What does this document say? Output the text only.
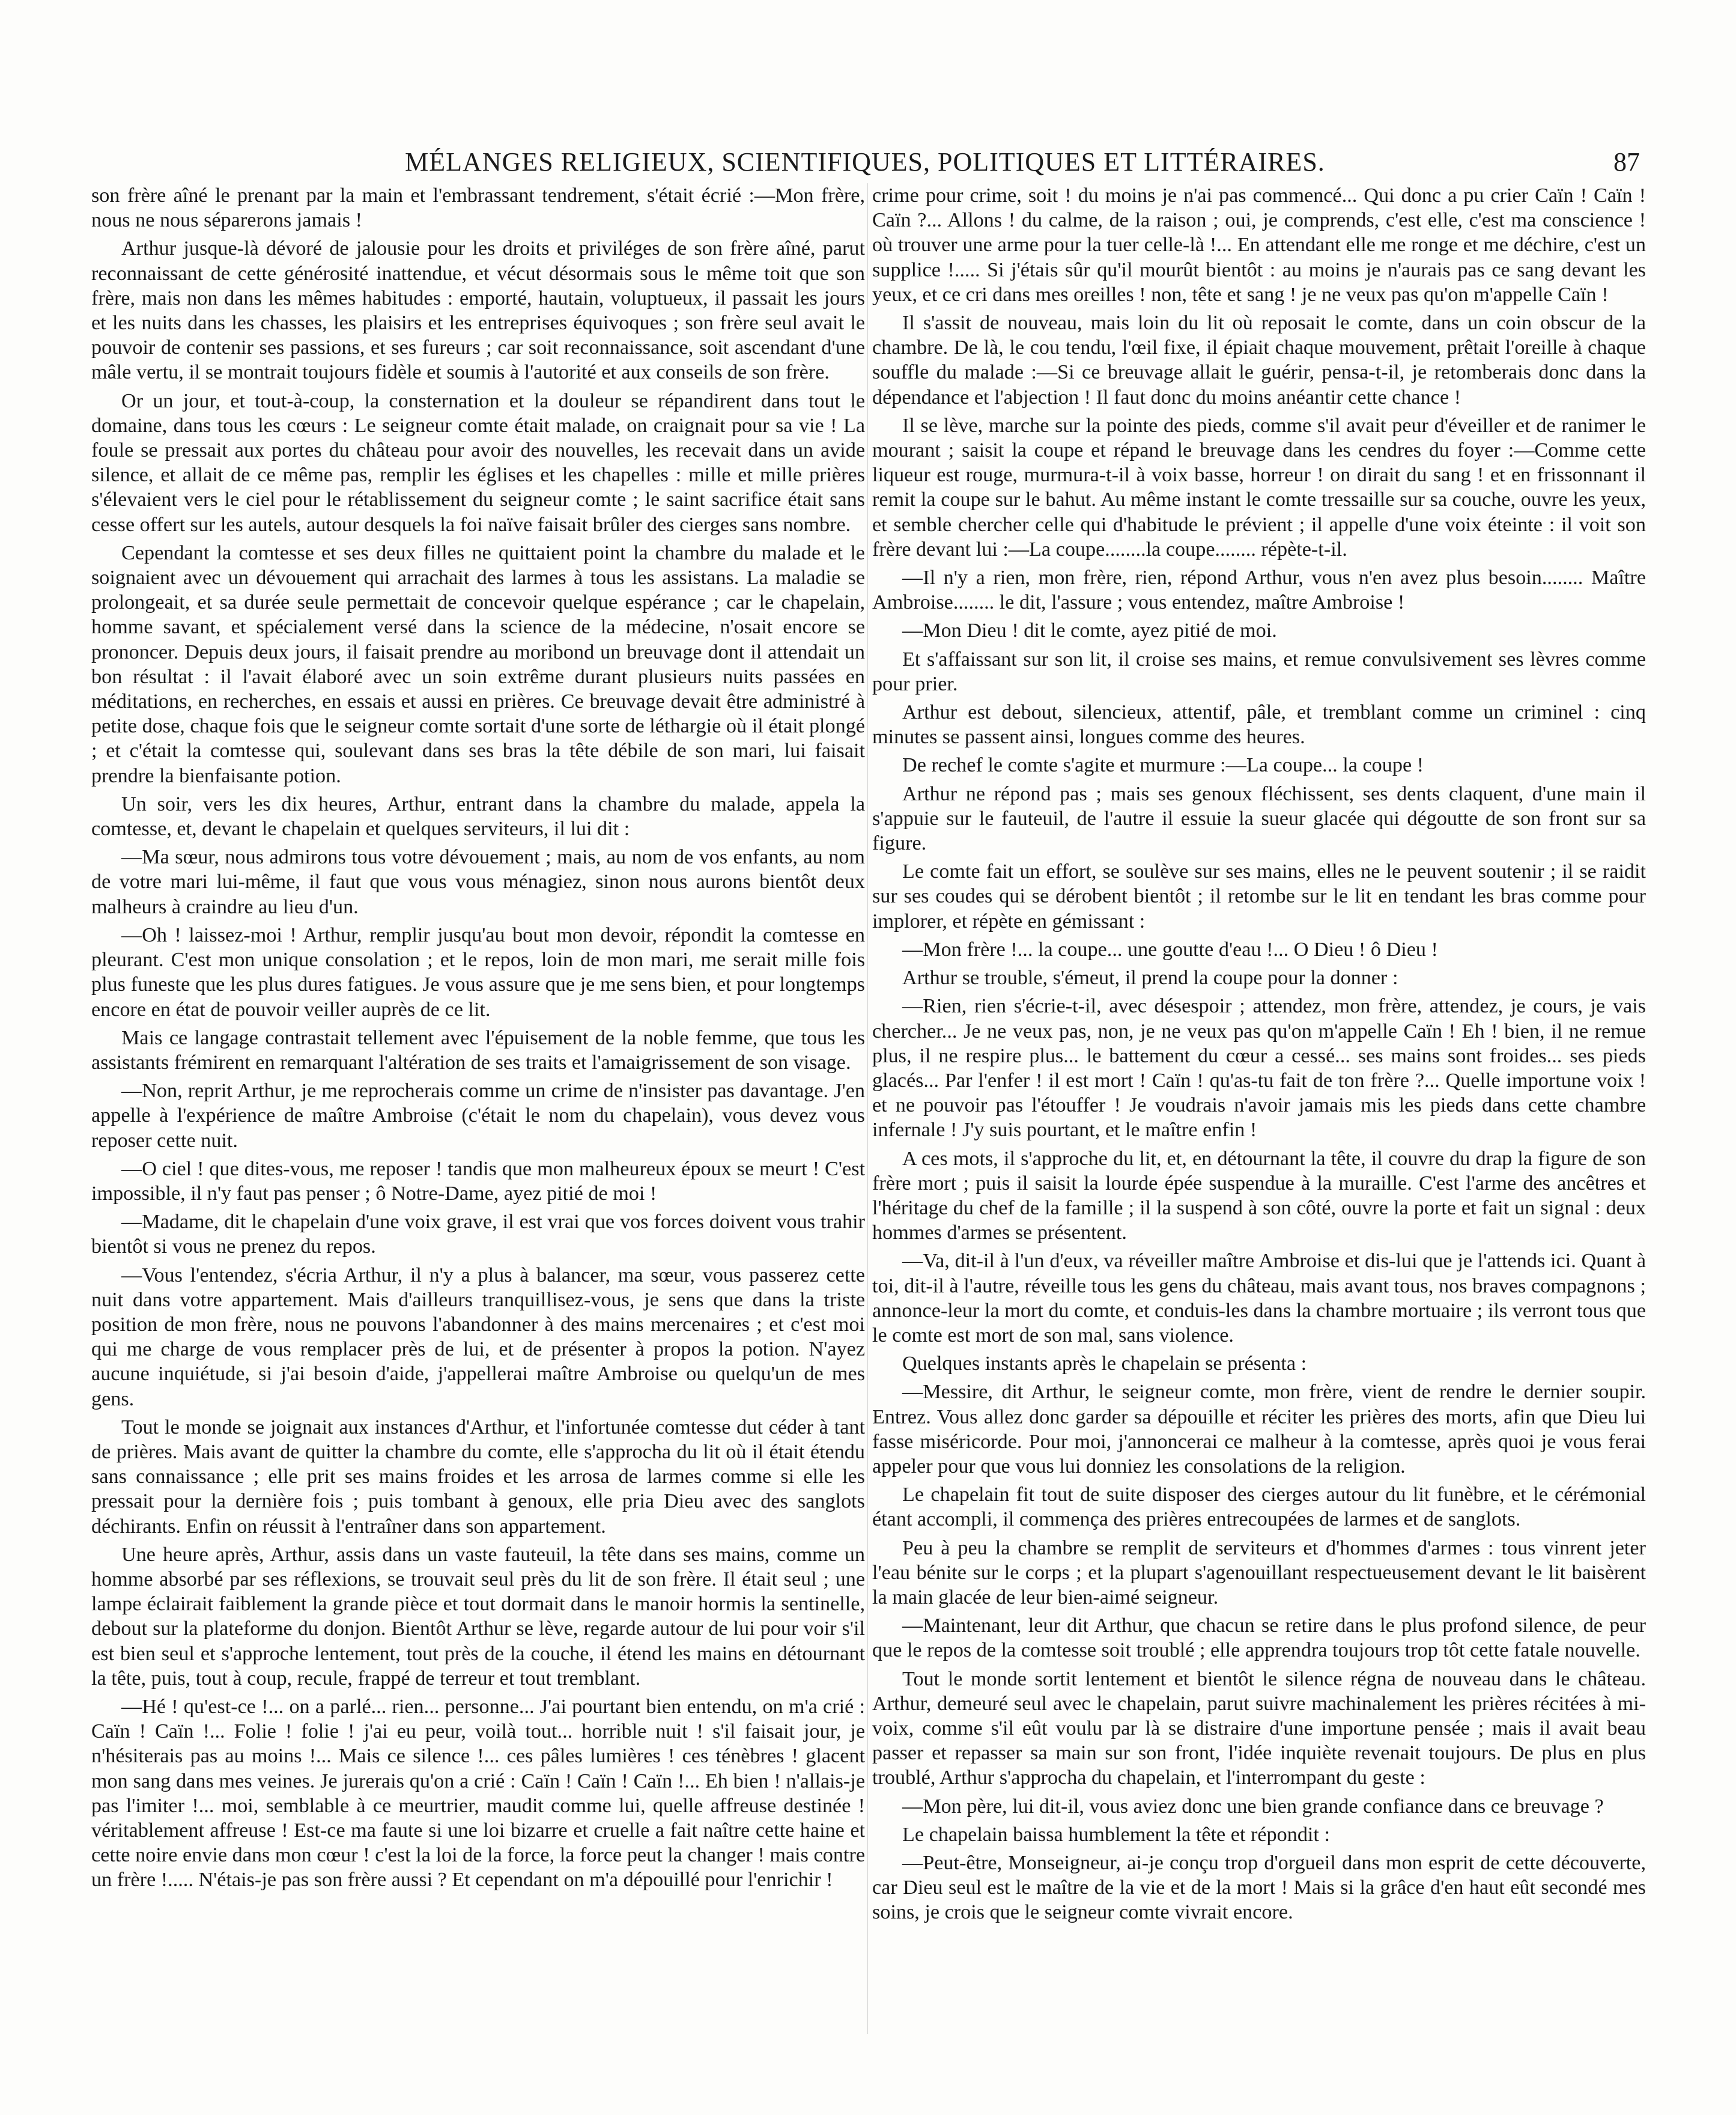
MÉLANGES RELIGIEUX, SCIENTIFIQUES, POLITIQUES ET LITTÉRAIRES.	87

son frère aîné le prenant par la main et l'embrassant tendrement, s'était écrié :—Mon frère, nous ne nous séparerons jamais !

Arthur jusque-là dévoré de jalousie pour les droits et priviléges de son frère aîné, parut reconnaissant de cette générosité inattendue, et vécut désormais sous le même toit que son frère, mais non dans les mêmes habitudes : emporté, hautain, voluptueux, il passait les jours et les nuits dans les chasses, les plaisirs et les entreprises équivoques ; son frère seul avait le pouvoir de contenir ses passions, et ses fureurs ; car soit reconnaissance, soit ascendant d'une mâle vertu, il se montrait toujours fidèle et soumis à l'autorité et aux conseils de son frère.

Or un jour, et tout-à-coup, la consternation et la douleur se répandirent dans tout le domaine, dans tous les cœurs : Le seigneur comte était malade, on craignait pour sa vie ! La foule se pressait aux portes du château pour avoir des nouvelles, les recevait dans un avide silence, et allait de ce même pas, remplir les églises et les chapelles : mille et mille prières s'élevaient vers le ciel pour le rétablissement du seigneur comte ; le saint sacrifice était sans cesse offert sur les autels, autour desquels la foi naïve faisait brûler des cierges sans nombre.

Cependant la comtesse et ses deux filles ne quittaient point la chambre du malade et le soignaient avec un dévouement qui arrachait des larmes à tous les assistans. La maladie se prolongeait, et sa durée seule permettait de concevoir quelque espérance ; car le chapelain, homme savant, et spécialement versé dans la science de la médecine, n'osait encore se prononcer. Depuis deux jours, il faisait prendre au moribond un breuvage dont il attendait un bon résultat : il l'avait élaboré avec un soin extrême durant plusieurs nuits passées en méditations, en recherches, en essais et aussi en prières. Ce breuvage devait être administré à petite dose, chaque fois que le seigneur comte sortait d'une sorte de léthargie où il était plongé ; et c'était la comtesse qui, soulevant dans ses bras la tête débile de son mari, lui faisait prendre la bienfaisante potion.

Un soir, vers les dix heures, Arthur, entrant dans la chambre du malade, appela la comtesse, et, devant le chapelain et quelques serviteurs, il lui dit :

—Ma sœur, nous admirons tous votre dévouement ; mais, au nom de vos enfants, au nom de votre mari lui-même, il faut que vous vous ménagiez, sinon nous aurons bientôt deux malheurs à craindre au lieu d'un.

—Oh ! laissez-moi ! Arthur, remplir jusqu'au bout mon devoir, répondit la comtesse en pleurant. C'est mon unique consolation ; et le repos, loin de mon mari, me serait mille fois plus funeste que les plus dures fatigues. Je vous assure que je me sens bien, et pour longtemps encore en état de pouvoir veiller auprès de ce lit.

Mais ce langage contrastait tellement avec l'épuisement de la noble femme, que tous les assistants frémirent en remarquant l'altération de ses traits et l'amaigrissement de son visage.

—Non, reprit Arthur, je me reprocherais comme un crime de n'insister pas davantage. J'en appelle à l'expérience de maître Ambroise (c'était le nom du chapelain), vous devez vous reposer cette nuit.

—O ciel ! que dites-vous, me reposer ! tandis que mon malheureux époux se meurt ! C'est impossible, il n'y faut pas penser ; ô Notre-Dame, ayez pitié de moi !

—Madame, dit le chapelain d'une voix grave, il est vrai que vos forces doivent vous trahir bientôt si vous ne prenez du repos.

—Vous l'entendez, s'écria Arthur, il n'y a plus à balancer, ma sœur, vous passerez cette nuit dans votre appartement. Mais d'ailleurs tranquillisez-vous, je sens que dans la triste position de mon frère, nous ne pouvons l'abandonner à des mains mercenaires ; et c'est moi qui me charge de vous remplacer près de lui, et de présenter à propos la potion. N'ayez aucune inquiétude, si j'ai besoin d'aide, j'appellerai maître Ambroise ou quelqu'un de mes gens.

Tout le monde se joignait aux instances d'Arthur, et l'infortunée comtesse dut céder à tant de prières. Mais avant de quitter la chambre du comte, elle s'approcha du lit où il était étendu sans connaissance ; elle prit ses mains froides et les arrosa de larmes comme si elle les pressait pour la dernière fois ; puis tombant à genoux, elle pria Dieu avec des sanglots déchirants. Enfin on réussit à l'entraîner dans son appartement.

Une heure après, Arthur, assis dans un vaste fauteuil, la tête dans ses mains, comme un homme absorbé par ses réflexions, se trouvait seul près du lit de son frère. Il était seul ; une lampe éclairait faiblement la grande pièce et tout dormait dans le manoir hormis la sentinelle, debout sur la plateforme du donjon. Bientôt Arthur se lève, regarde autour de lui pour voir s'il est bien seul et s'approche lentement, tout près de la couche, il étend les mains en détournant la tête, puis, tout à coup, recule, frappé de terreur et tout tremblant.

—Hé ! qu'est-ce !... on a parlé... rien... personne... J'ai pourtant bien entendu, on m'a crié : Caïn ! Caïn !... Folie ! folie ! j'ai eu peur, voilà tout... horrible nuit ! s'il faisait jour, je n'hésiterais pas au moins !... Mais ce silence !... ces pâles lumières ! ces ténèbres ! glacent mon sang dans mes veines. Je jurerais qu'on a crié : Caïn ! Caïn ! Caïn !... Eh bien ! n'allais-je pas l'imiter !... moi, semblable à ce meurtrier, maudit comme lui, quelle affreuse destinée ! véritablement affreuse ! Est-ce ma faute si une loi bizarre et cruelle a fait naître cette haine et cette noire envie dans mon cœur ! c'est la loi de la force, la force peut la changer ! mais contre un frère !..... N'étais-je pas son frère aussi ? Et cependant on m'a dépouillé pour l'enrichir !

crime pour crime, soit ! du moins je n'ai pas commencé... Qui donc a pu crier Caïn ! Caïn ! Caïn ?... Allons ! du calme, de la raison ; oui, je comprends, c'est elle, c'est ma conscience ! où trouver une arme pour la tuer celle-là !... En attendant elle me ronge et me déchire, c'est un supplice !..... Si j'étais sûr qu'il mourût bientôt : au moins je n'aurais pas ce sang devant les yeux, et ce cri dans mes oreilles ! non, tête et sang ! je ne veux pas qu'on m'appelle Caïn !

Il s'assit de nouveau, mais loin du lit où reposait le comte, dans un coin obscur de la chambre. De là, le cou tendu, l'œil fixe, il épiait chaque mouvement, prêtait l'oreille à chaque souffle du malade :—Si ce breuvage allait le guérir, pensa-t-il, je retomberais donc dans la dépendance et l'abjection ! Il faut donc du moins anéantir cette chance !

Il se lève, marche sur la pointe des pieds, comme s'il avait peur d'éveiller et de ranimer le mourant ; saisit la coupe et répand le breuvage dans les cendres du foyer :—Comme cette liqueur est rouge, murmura-t-il à voix basse, horreur ! on dirait du sang ! et en frissonnant il remit la coupe sur le bahut. Au même instant le comte tressaille sur sa couche, ouvre les yeux, et semble chercher celle qui d'habitude le prévient ; il appelle d'une voix éteinte : il voit son frère devant lui :—La coupe........la coupe........ répète-t-il.

—Il n'y a rien, mon frère, rien, répond Arthur, vous n'en avez plus besoin........ Maître Ambroise........ le dit, l'assure ; vous entendez, maître Ambroise !

—Mon Dieu ! dit le comte, ayez pitié de moi.

Et s'affaissant sur son lit, il croise ses mains, et remue convulsivement ses lèvres comme pour prier.

Arthur est debout, silencieux, attentif, pâle, et tremblant comme un criminel : cinq minutes se passent ainsi, longues comme des heures.

De rechef le comte s'agite et murmure :—La coupe... la coupe !

Arthur ne répond pas ; mais ses genoux fléchissent, ses dents claquent, d'une main il s'appuie sur le fauteuil, de l'autre il essuie la sueur glacée qui dégoutte de son front sur sa figure.

Le comte fait un effort, se soulève sur ses mains, elles ne le peuvent soutenir ; il se raidit sur ses coudes qui se dérobent bientôt ; il retombe sur le lit en tendant les bras comme pour implorer, et répète en gémissant :

—Mon frère !... la coupe... une goutte d'eau !... O Dieu ! ô Dieu !

Arthur se trouble, s'émeut, il prend la coupe pour la donner :

—Rien, rien s'écrie-t-il, avec désespoir ; attendez, mon frère, attendez, je cours, je vais chercher... Je ne veux pas, non, je ne veux pas qu'on m'appelle Caïn ! Eh ! bien, il ne remue plus, il ne respire plus... le battement du cœur a cessé... ses mains sont froides... ses pieds glacés... Par l'enfer ! il est mort ! Caïn ! qu'as-tu fait de ton frère ?... Quelle importune voix ! et ne pouvoir pas l'étouffer ! Je voudrais n'avoir jamais mis les pieds dans cette chambre infernale ! J'y suis pourtant, et le maître enfin !

A ces mots, il s'approche du lit, et, en détournant la tête, il couvre du drap la figure de son frère mort ; puis il saisit la lourde épée suspendue à la muraille. C'est l'arme des ancêtres et l'héritage du chef de la famille ; il la suspend à son côté, ouvre la porte et fait un signal : deux hommes d'armes se présentent.

—Va, dit-il à l'un d'eux, va réveiller maître Ambroise et dis-lui que je l'attends ici. Quant à toi, dit-il à l'autre, réveille tous les gens du château, mais avant tous, nos braves compagnons ; annonce-leur la mort du comte, et conduis-les dans la chambre mortuaire ; ils verront tous que le comte est mort de son mal, sans violence.

Quelques instants après le chapelain se présenta :

—Messire, dit Arthur, le seigneur comte, mon frère, vient de rendre le dernier soupir. Entrez. Vous allez donc garder sa dépouille et réciter les prières des morts, afin que Dieu lui fasse miséricorde. Pour moi, j'annoncerai ce malheur à la comtesse, après quoi je vous ferai appeler pour que vous lui donniez les consolations de la religion.

Le chapelain fit tout de suite disposer des cierges autour du lit funèbre, et le cérémonial étant accompli, il commença des prières entrecoupées de larmes et de sanglots.

Peu à peu la chambre se remplit de serviteurs et d'hommes d'armes : tous vinrent jeter l'eau bénite sur le corps ; et la plupart s'agenouillant respectueusement devant le lit baisèrent la main glacée de leur bien-aimé seigneur.

—Maintenant, leur dit Arthur, que chacun se retire dans le plus profond silence, de peur que le repos de la comtesse soit troublé ; elle apprendra toujours trop tôt cette fatale nouvelle.

Tout le monde sortit lentement et bientôt le silence régna de nouveau dans le château. Arthur, demeuré seul avec le chapelain, parut suivre machinalement les prières récitées à mi-voix, comme s'il eût voulu par là se distraire d'une importune pensée ; mais il avait beau passer et repasser sa main sur son front, l'idée inquiète revenait toujours. De plus en plus troublé, Arthur s'approcha du chapelain, et l'interrompant du geste :

—Mon père, lui dit-il, vous aviez donc une bien grande confiance dans ce breuvage ?

Le chapelain baissa humblement la tête et répondit :

—Peut-être, Monseigneur, ai-je conçu trop d'orgueil dans mon esprit de cette découverte, car Dieu seul est le maître de la vie et de la mort ! Mais si la grâce d'en haut eût secondé mes soins, je crois que le seigneur comte vivrait encore.
